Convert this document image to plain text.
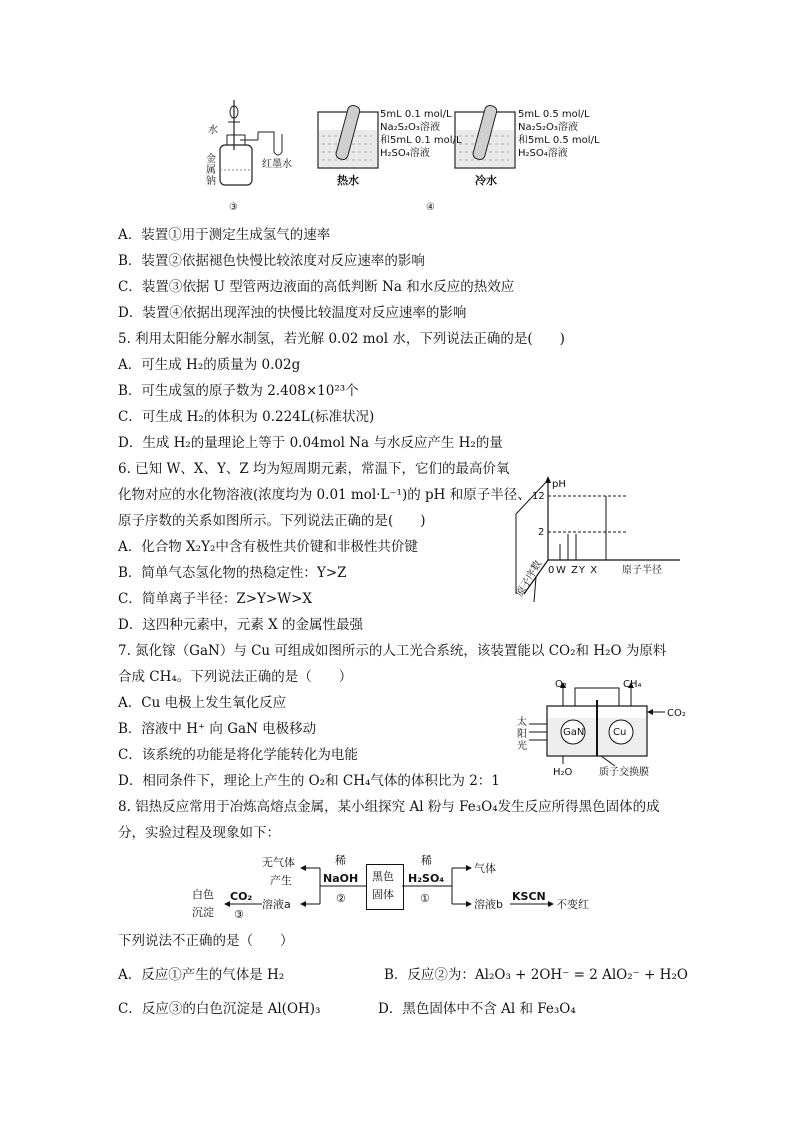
水
金属钠
红墨水
热水	冷水
5mL 0.1 mol/L
Na₂S₂O₃溶液
和5mL 0.1 mol/L
H₂SO₄溶液
5mL 0.5 mol/L
Na₂S₂O₃溶液
和5mL 0.5 mol/L
H₂SO₄溶液
③	④
A．装置①用于测定生成氢气的速率
B．装置②依据褪色快慢比较浓度对反应速率的影响
C．装置③依据 U 型管两边液面的高低判断 Na 和水反应的热效应
D．装置④依据出现浑浊的快慢比较温度对反应速率的影响
5. 利用太阳能分解水制氢，若光解 0.02 mol 水，下列说法正确的是(　　)
A．可生成 H₂的质量为 0.02g
B．可生成氢的原子数为 2.408×10²³个
C．可生成 H₂的体积为 0.224L(标准状况)
D．生成 H₂的量理论上等于 0.04mol Na 与水反应产生 H₂的量
6. 已知 W、X、Y、Z 均为短周期元素，常温下，它们的最高价氧
化物对应的水化物溶液(浓度均为 0.01 mol·L⁻¹)的 pH 和原子半径、
原子序数的关系如图所示。下列说法正确的是(　　)
A．化合物 X₂Y₂中含有极性共价键和非极性共价键
B．简单气态氢化物的热稳定性：Y>Z
C．简单离子半径：Z>Y>W>X
D．这四种元素中，元素 X 的金属性最强
pH
12
2
0 W ZY X 原子半径
原子序数
7. 氮化镓（GaN）与 Cu 可组成如图所示的人工光合系统，该装置能以 CO₂和 H₂O 为原料
合成 CH₄。下列说法正确的是（　　）
A．Cu 电极上发生氧化反应
B．溶液中 H⁺ 向 GaN 电极移动
C．该系统的功能是将化学能转化为电能
D．相同条件下，理论上产生的 O₂和 CH₄气体的体积比为 2：1
O₂	CH₄
CO₂
太
阳
光
GaN	Cu
H₂O	质子交换膜
8. 铝热反应常用于冶炼高熔点金属，某小组探究 Al 粉与 Fe₃O₄发生反应所得黑色固体的成
分，实验过程及现象如下：
黑色
固体
稀
NaOH
②
稀
H₂SO₄
①
无气体
产生
溶液a
气体
溶液b
KSCN
不变红
白色
沉淀
CO₂
③
下列说法不正确的是（　　）
A．反应①产生的气体是 H₂	B．反应②为：Al₂O₃ + 2OH⁻ = 2 AlO₂⁻ + H₂O
C．反应③的白色沉淀是 Al(OH)₃	D．黑色固体中不含 Al 和 Fe₃O₄
